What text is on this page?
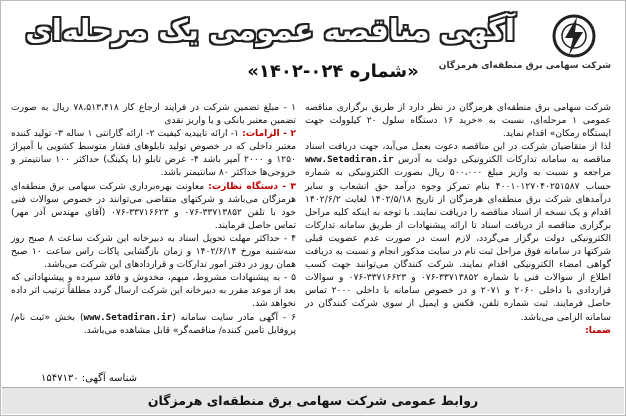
شرکت سهامی برق منطقه‌ای هرمزگان
آگهی مناقصه عمومی یک مرحله‌ای
«شماره ۰۲۴-۱۴۰۲»

شرکت سهامی برق منطقه‌ای هرمزگان در نظر دارد از طریق برگزاری مناقصه عمومی ۱ مرحله‌ای، نسبت به «خرید ۱۶ دستگاه سلول ۲۰ کیلوولت جهت ایستگاه رمکان» اقدام نماید.

لذا از متقاضیان شرکت در این مناقصه دعوت بعمل می‌آید، جهت دریافت اسناد مناقصه به سامانه تدارکات الکترونیکی دولت به آدرس www.Setadiran.ir مراجعه و نسبت به واریز مبلغ ۵۰۰،۰۰۰ ریال بصورت الکترونیکی به شماره حساب ۴۰۰۱۰۱۲۷۰۴۰۲۵۱۵۸۷ بنام تمرکز وجوه درآمد حق انشعاب و سایر درآمدهای شرکت برق منطقه‌ای هرمزگان از تاریخ ۱۴۰۲/۵/۱۸ لغایت ۱۴۰۲/۶/۲ اقدام و یک نسخه از اسناد مناقصه را دریافت نمایند. با توجه به اینکه کلیه مراحل برگزاری مناقصه از دریافت اسناد تا ارائه پیشنهادات از طریق سامانه تدارکات الکترونیکی دولت برگزار می‌گردد، لازم است در صورت عدم عضویت قبلی شرکتها در سامانه فوق مراحل ثبت نام در سایت مذکور انجام و نسبت به دریافت گواهی امضاء الکترونیکی اقدام نمایند. شرکت کنندگان می‌توانند جهت کسب اطلاع از سوالات فنی با شماره ۳۳۷۱۳۸۵۲-۰۷۶ و ۳۳۷۱۶۶۲۳-۰۷۶ و سوالات قراردادی با داخلی ۲۰۶۰ و ۲۰۷۱ و در خصوص سامانه با داخلی ۲۰۰۰ تماس حاصل فرمایند. ثبت شماره تلفن، فکس و ایمیل از سوی شرکت کنندگان در سامانه الزامی می‌باشد.

ضمنا:

۱ - مبلغ تضمین شرکت در فرایند ارجاع کار ۷۸،۵۱۳،۴۱۸ ریال به صورت تضمین معتبر بانکی و یا واریز نقدی

۲ - الزامات: ۱- ارائه تاییدیه کیفیت ۲- ارائه گارانتی ۱ ساله ۳- تولید کننده معتبر داخلی که در خصوص تولید تابلوهای فشار متوسط کشویی با آمپراژ ۱۲۵۰ و ۲۰۰۰ آمپر باشد ۴- عرض تابلو (با پکینگ) حداکثر ۱۰۰ سانتیمتر و خروجی‌ها حداکثر ۸۰ سانتیمتر باشد.

۳ - دستگاه نظارت: معاونت بهره‌برداری شرکت سهامی برق منطقه‌ای هرمزگان می‌باشد و شرکتهای متقاضی می‌توانند در خصوص سوالات فنی خود با تلفن ۳۳۷۱۳۸۵۲-۰۷۶ و ۳۳۷۱۶۶۲۳-۰۷۶ (آقای مهندس آذر مهر) تماس حاصل فرمایند.

۴ - حداکثر مهلت تحویل اسناد به دبیرخانه این شرکت ساعت ۸ صبح روز سه‌شنبه مورخ ۱۴۰۲/۶/۱۴ و زمان بازگشایی پاکات راس ساعت ۱۰ صبح همان روز در دفتر امور تدارکات و قراردادهای این شرکت می‌باشد.

۵ - به پیشنهادات مشروط، مبهم، مخدوش و فاقد سپرده و پیشنهاداتی که بعد از موعد مقرر به دبیرخانه این شرکت ارسال گردد مطلقاً ترتیب اثر داده نخواهد شد.

۶ - آگهی مادر سایت سامانه (www.Setadiran.ir) بخش «ثبت نام/پروفایل تامین کننده/ مناقصه‌گر» قابل مشاهده می‌باشد.

شناسه آگهی: ۱۵۴۷۱۳۰
روابط عمومی شرکت سهامی برق منطقه‌ای هرمزگان
